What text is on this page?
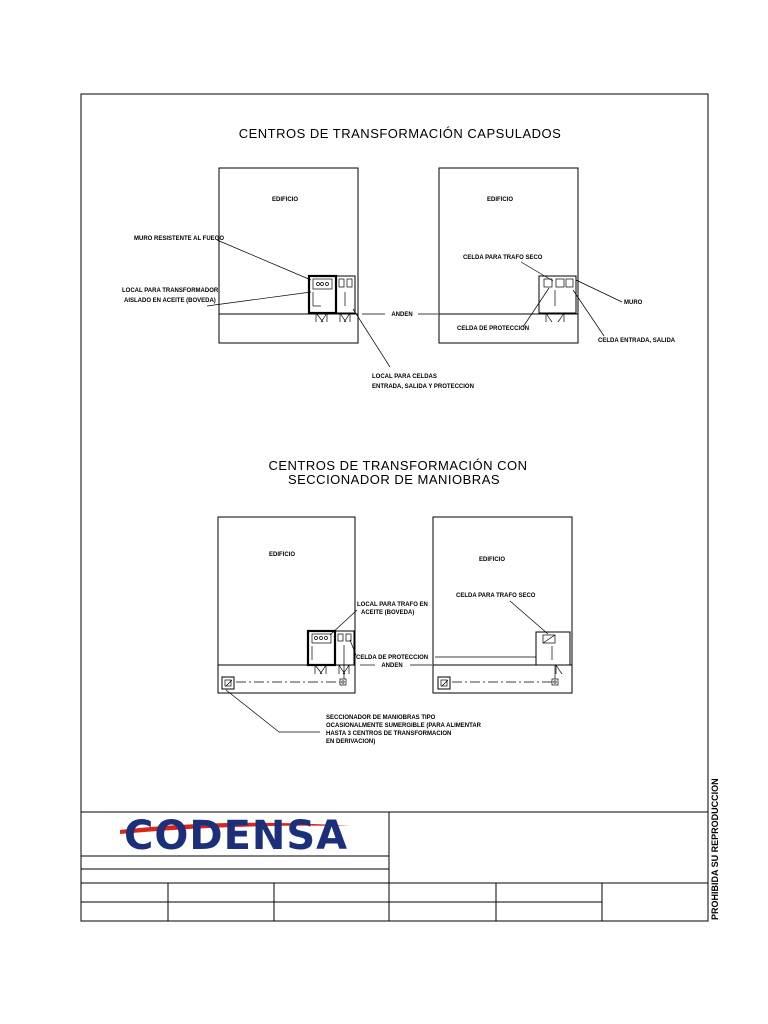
CENTROS DE TRANSFORMACIÓN CAPSULADOS
EDIFICIO
MURO RESISTENTE AL FUEGO
LOCAL PARA TRANSFORMADOR
AISLADO EN ACEITE (BOVEDA)
LOCAL PARA CELDAS
ENTRADA, SALIDA Y PROTECCION
ANDEN
EDIFICIO
CELDA PARA TRAFO SECO
MURO
CELDA DE PROTECCION
CELDA ENTRADA, SALIDA
CENTROS DE TRANSFORMACIÓN CON
SECCIONADOR DE MANIOBRAS
EDIFICIO
LOCAL PARA TRAFO EN
ACEITE (BOVEDA)
CELDA DE PROTECCION
ANDEN
EDIFICIO
CELDA PARA TRAFO SECO
SECCIONADOR DE MANIOBRAS TIPO
OCASIONALMENTE SUMERGIBLE (PARA ALIMENTAR
HASTA 3 CENTROS DE TRANSFORMACION
EN DERIVACION)
CODENSA	PROHIBIDA SU REPRODUCCION
